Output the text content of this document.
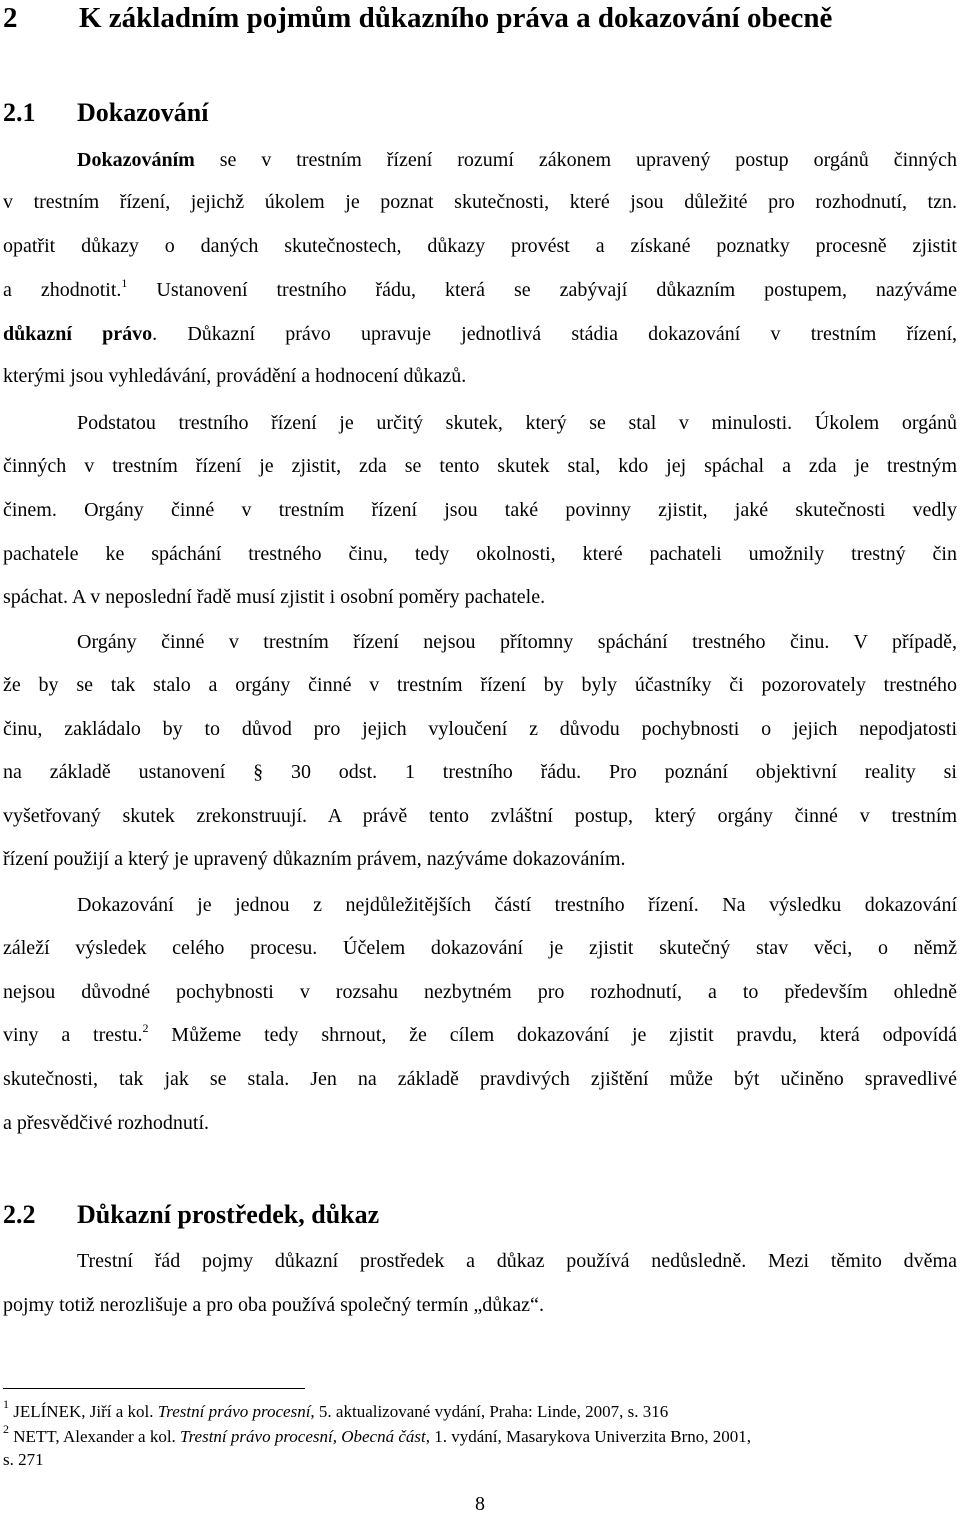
2 K základním pojmům důkazního práva a dokazování obecně
2.1 Dokazování
Dokazováním se v trestním řízení rozumí zákonem upravený postup orgánů činných
v trestním řízení, jejichž úkolem je poznat skutečnosti, které jsou důležité pro rozhodnutí, tzn.
opatřit důkazy o daných skutečnostech, důkazy provést a získané poznatky procesně zjistit
a zhodnotit.$^1$ Ustanovení trestního řádu, která se zabývají důkazním postupem, nazýváme
důkazní právo. Důkazní právo upravuje jednotlivá stádia dokazování v trestním řízení,
kterými jsou vyhledávání, provádění a hodnocení důkazů.
Podstatou trestního řízení je určitý skutek, který se stal v minulosti. Úkolem orgánů
činných v trestním řízení je zjistit, zda se tento skutek stal, kdo jej spáchal a zda je trestným
činem. Orgány činné v trestním řízení jsou také povinny zjistit, jaké skutečnosti vedly
pachatele ke spáchání trestného činu, tedy okolnosti, které pachateli umožnily trestný čin
spáchat. A v neposlední řadě musí zjistit i osobní poměry pachatele.
Orgány činné v trestním řízení nejsou přítomny spáchání trestného činu. V případě,
že by se tak stalo a orgány činné v trestním řízení by byly účastníky či pozorovately trestného
činu, zakládalo by to důvod pro jejich vyloučení z důvodu pochybnosti o jejich nepodjatosti
na základě ustanovení § 30 odst. 1 trestního řádu. Pro poznání objektivní reality si
vyšetřovaný skutek zrekonstruují. A právě tento zvláštní postup, který orgány činné v trestním
řízení použijí a který je upravený důkazním právem, nazýváme dokazováním.
Dokazování je jednou z nejdůležitějších částí trestního řízení. Na výsledku dokazování
záleží výsledek celého procesu. Účelem dokazování je zjistit skutečný stav věci, o němž
nejsou důvodné pochybnosti v rozsahu nezbytném pro rozhodnutí, a to především ohledně
viny a trestu.$^2$ Můžeme tedy shrnout, že cílem dokazování je zjistit pravdu, která odpovídá
skutečnosti, tak jak se stala. Jen na základě pravdivých zjištění může být učiněno spravedlivé
a přesvědčivé rozhodnutí.
2.2 Důkazní prostředek, důkaz
Trestní řád pojmy důkazní prostředek a důkaz používá nedůsledně. Mezi těmito dvěma
pojmy totiž nerozlišuje a pro oba používá společný termín „důkaz“.
$^1$ JELÍNEK, Jiří a kol. Trestní právo procesní, 5. aktualizované vydání, Praha: Linde, 2007, s. 316
$^2$ NETT, Alexander a kol. Trestní právo procesní, Obecná část, 1. vydání, Masarykova Univerzita Brno, 2001,
s. 271
8
